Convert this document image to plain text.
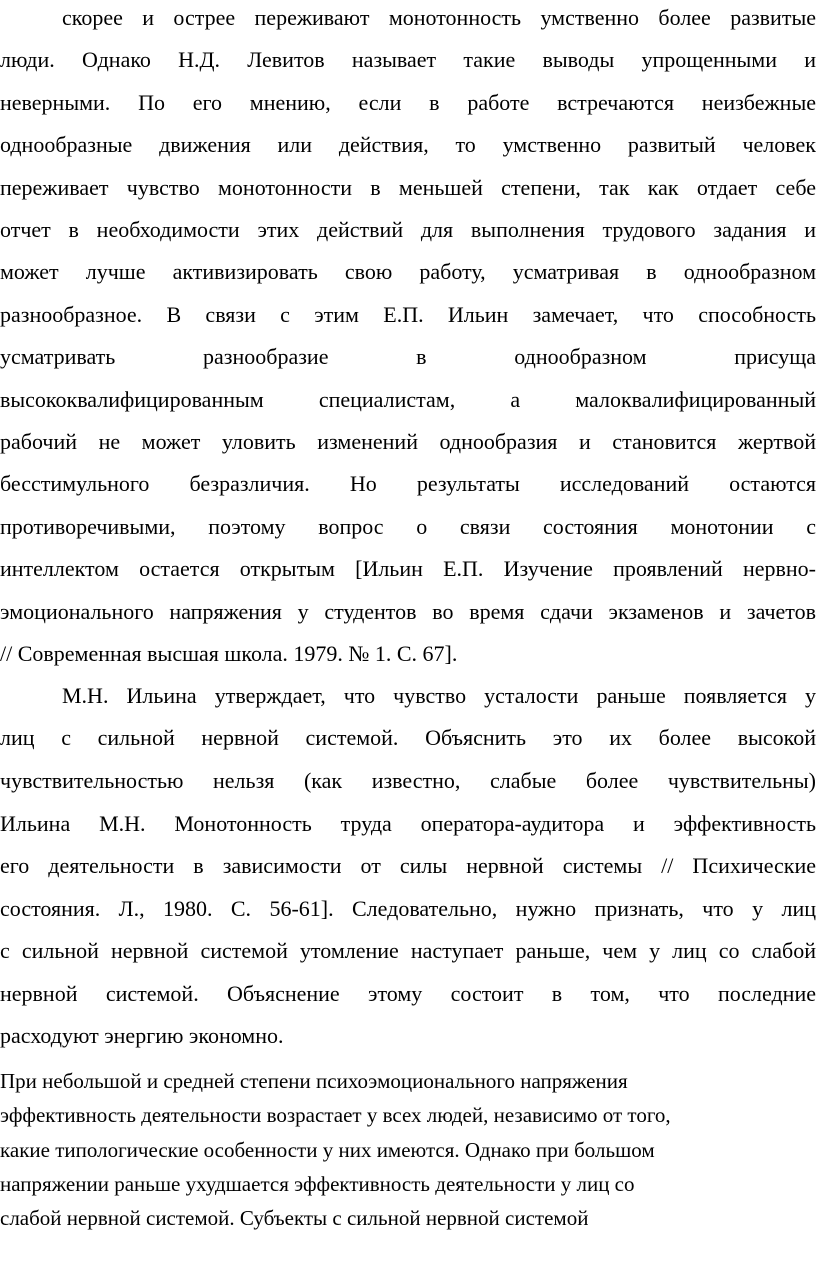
скорее и острее переживают монотонность умственно более развитые
люди. Однако Н.Д. Левитов называет такие выводы упрощенными и
неверными. По его мнению, если в работе встречаются неизбежные
однообразные движения или действия, то умственно развитый человек
переживает чувство монотонности в меньшей степени, так как отдает себе
отчет в необходимости этих действий для выполнения трудового задания и
может лучше активизировать свою работу, усматривая в однообразном
разнообразное. В связи с этим Е.П. Ильин замечает, что способность
усматривать разнообразие в однообразном присуща
высококвалифицированным специалистам, а малоквалифицированный
рабочий не может уловить изменений однообразия и становится жертвой
бесстимульного безразличия. Но результаты исследований остаются
противоречивыми, поэтому вопрос о связи состояния монотонии с
интеллектом остается открытым [Ильин Е.П. Изучение проявлений нервно-
эмоционального напряжения у студентов во время сдачи экзаменов и зачетов
// Современная высшая школа. 1979. № 1. С. 67].
М.Н. Ильина утверждает, что чувство усталости раньше появляется у
лиц с сильной нервной системой. Объяснить это их более высокой
чувствительностью нельзя (как известно, слабые более чувствительны)
Ильина М.Н. Монотонность труда оператора-аудитора и эффективность
его деятельности в зависимости от силы нервной системы // Психические
состояния. Л., 1980. С. 56-61]. Следовательно, нужно признать, что у лиц
с сильной нервной системой утомление наступает раньше, чем у лиц со слабой
нервной системой. Объяснение этому состоит в том, что последние
расходуют энергию экономно.
При небольшой и средней степени психоэмоционального напряжения
эффективность деятельности возрастает у всех людей, независимо от того,
какие типологические особенности у них имеются. Однако при большом
напряжении раньше ухудшается эффективность деятельности у лиц со
слабой нервной системой. Субъекты с сильной нервной системой
